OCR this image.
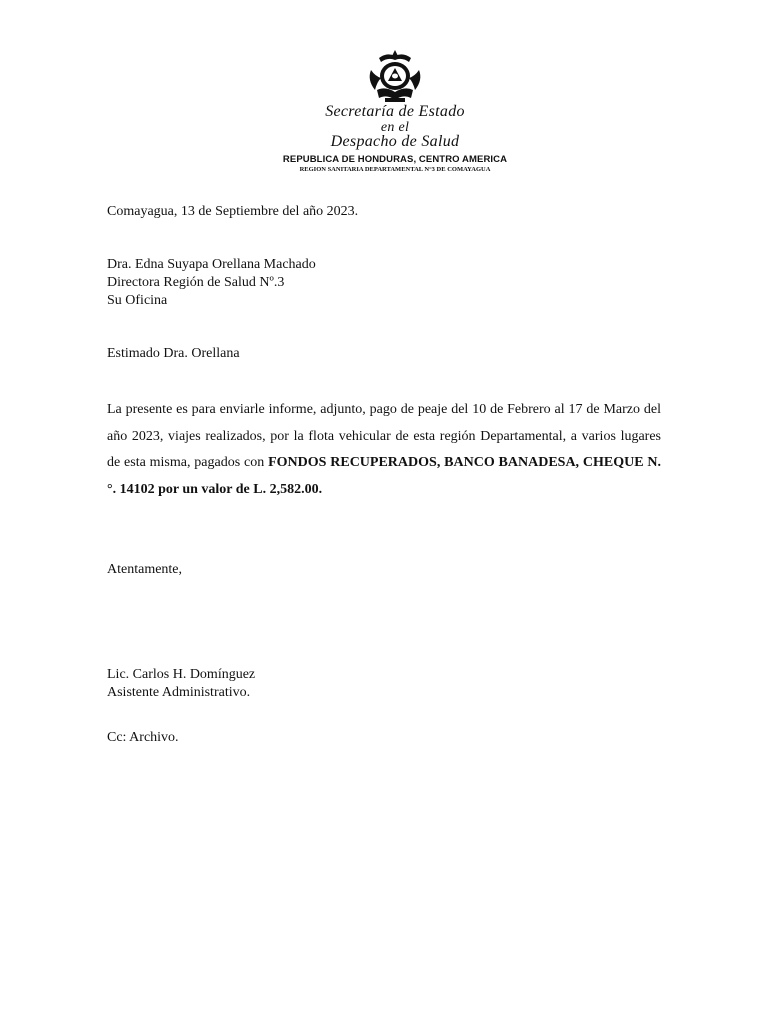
Secretaría de Estado
en el
Despacho de Salud
REPUBLICA DE HONDURAS, CENTRO AMERICA
REGION SANITARIA DEPARTAMENTAL N°3 DE COMAYAGUA
Comayagua, 13 de Septiembre del año 2023.
Dra. Edna Suyapa Orellana Machado
Directora Región de Salud Nº.3
Su Oficina
Estimado Dra. Orellana
La presente es para enviarle informe, adjunto, pago de peaje del 10 de Febrero al 17 de Marzo del año 2023, viajes realizados, por la flota vehicular de esta región Departamental, a varios lugares de esta misma, pagados con FONDOS RECUPERADOS, BANCO BANADESA, CHEQUE N.°. 14102 por un valor de L. 2,582.00.
Atentamente,
Lic. Carlos H. Domínguez
Asistente Administrativo.
Cc: Archivo.
